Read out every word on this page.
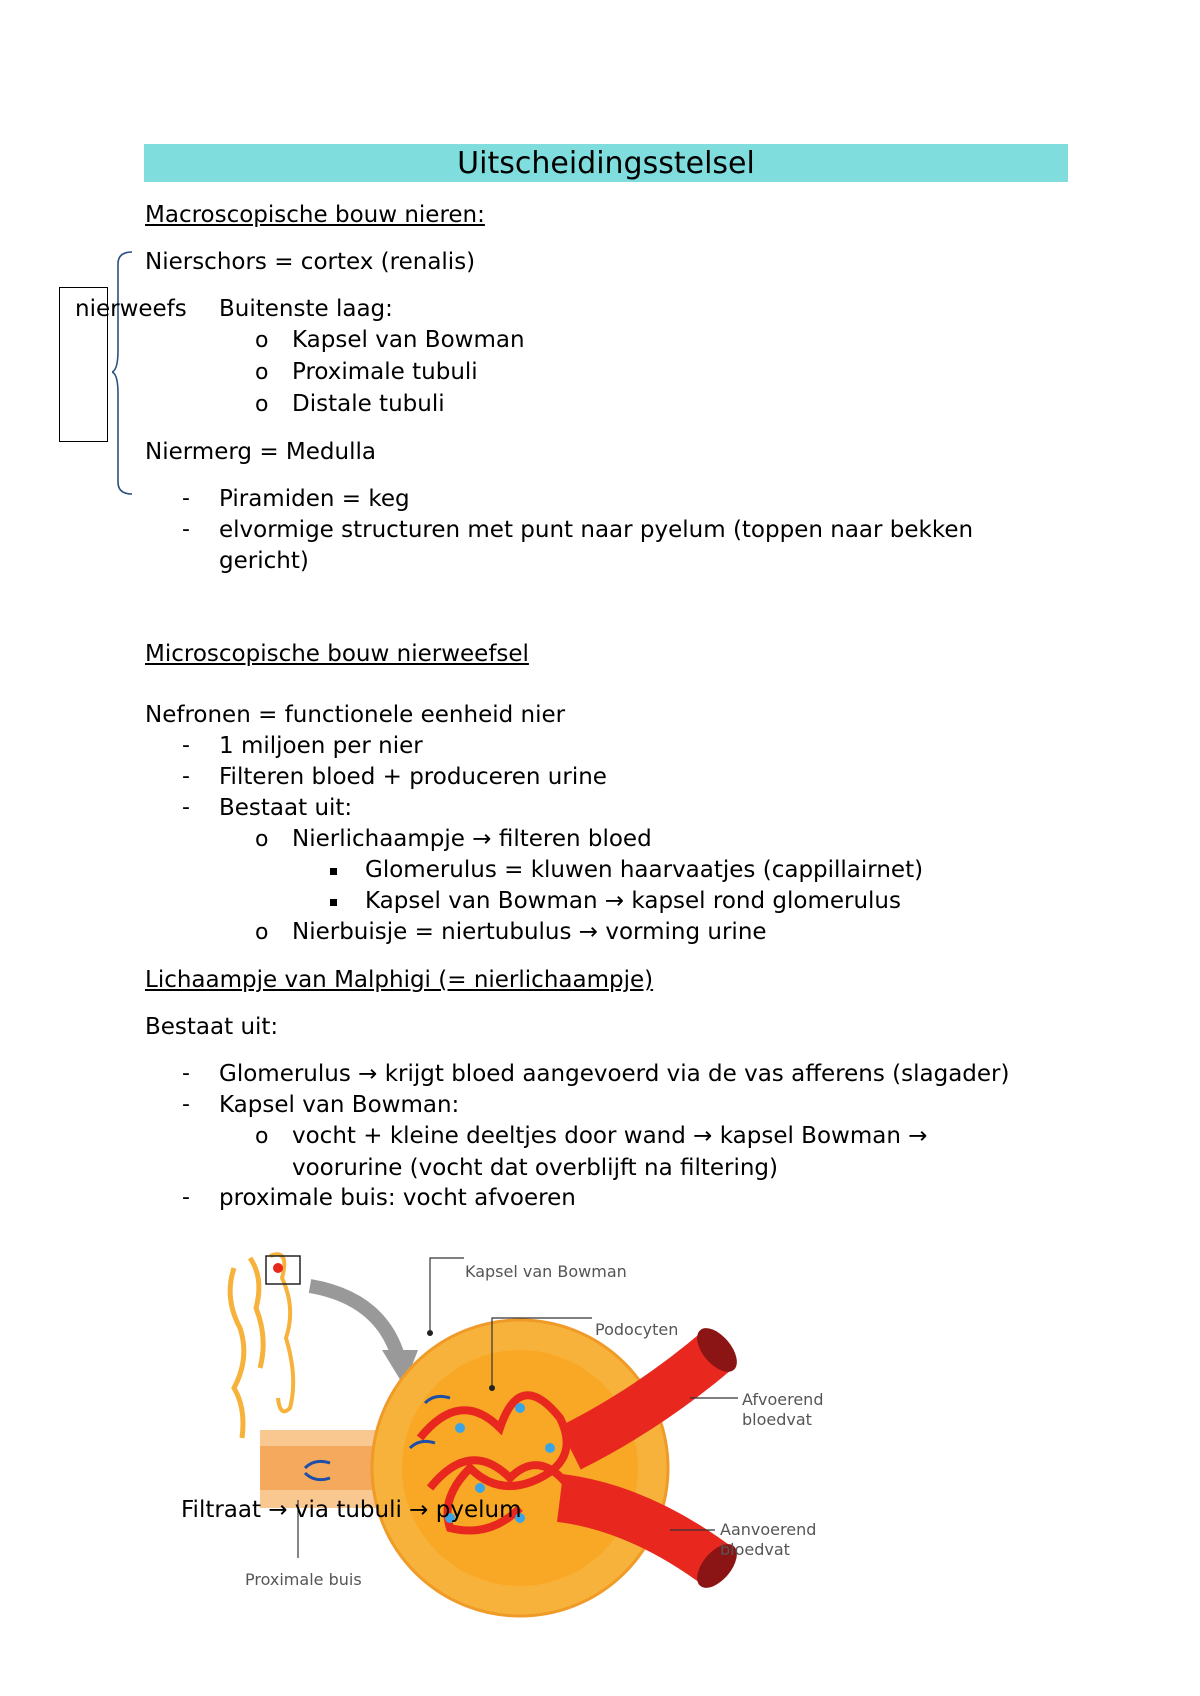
Uitscheidingsstelsel
Macroscopische bouw nieren:
Nierschors = cortex (renalis)
nierweefs Buitenste laag:
o Kapsel van Bowman
o Proximale tubuli
o Distale tubuli
Niermerg = Medulla
- Piramiden = keg
- elvormige structuren met punt naar pyelum (toppen naar bekken
gericht)
Microscopische bouw nierweefsel
Nefronen = functionele eenheid nier
- 1 miljoen per nier
- Filteren bloed + produceren urine
- Bestaat uit:
o Nierlichaampje → filteren bloed
Glomerulus = kluwen haarvaatjes (cappillairnet)
Kapsel van Bowman → kapsel rond glomerulus
o Nierbuisje = niertubulus → vorming urine
Lichaampje van Malphigi (= nierlichaampje)
Bestaat uit:
- Glomerulus → krijgt bloed aangevoerd via de vas afferens (slagader)
- Kapsel van Bowman:
o vocht + kleine deeltjes door wand → kapsel Bowman →
voorurine (vocht dat overblijft na filtering)
- proximale buis: vocht afvoeren
Kapsel van Bowman
Podocyten
Afvoerend
bloedvat
Aanvoerend
bloedvat
Proximale buis
Filtraat → via tubuli → pyelum
